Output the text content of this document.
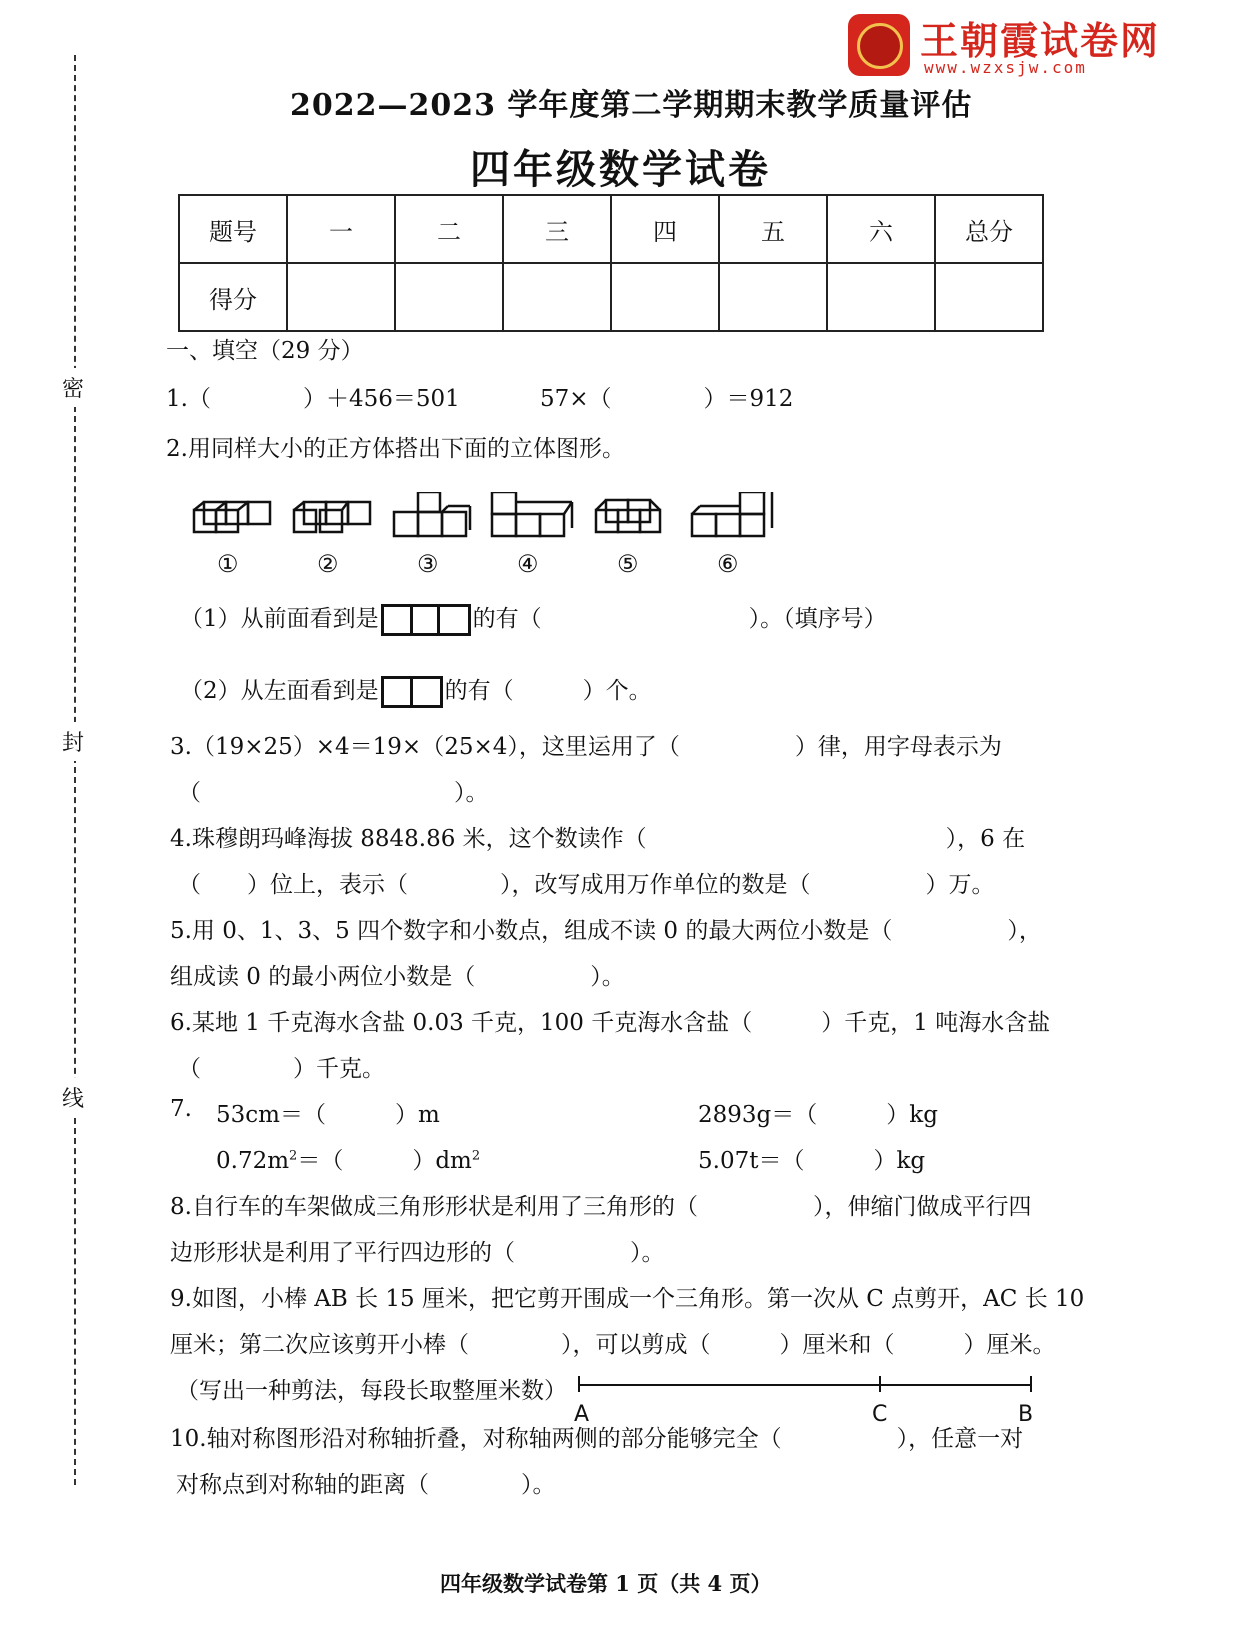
密
封
线
王朝霞试卷网
www.wzxsjw.com
2022—2023 学年度第二学期期末教学质量评估
四年级数学试卷
题号	一	二	三	四	五	六	总分
得分							
一、填空（29 分）
1.（　　　　）＋456＝501	57×（　　　　）＝912
2.用同样大小的正方体搭出下面的立体图形。
①	②	③	④	⑤	⑥
（1）从前面看到是	的有（　　　　　　　　　）。（填序号）
（2）从左面看到是	的有（　　　）个。
3.（19×25）×4＝19×（25×4），这里运用了（　　　　　）律，用字母表示为
（　　　　　　　　　　　）。
4.珠穆朗玛峰海拔 8848.86 米，这个数读作（　　　　　　　　　　　　　），6 在
（　　）位上，表示（　　　　），改写成用万作单位的数是（　　　　　）万。
5.用 0、1、3、5 四个数字和小数点，组成不读 0 的最大两位小数是（　　　　　），
组成读 0 的最小两位小数是（　　　　　）。
6.某地 1 千克海水含盐 0.03 千克，100 千克海水含盐（　　　）千克，1 吨海水含盐
（　　　　）千克。
7. 53cm＝（　　　）m	2893g＝（　　　）kg
$0.72m^2=$（　　　）$dm^2$	5.07t＝（　　　）kg
8.自行车的车架做成三角形形状是利用了三角形的（　　　　　），伸缩门做成平行四
边形形状是利用了平行四边形的（　　　　　）。
9.如图，小棒 AB 长 15 厘米，把它剪开围成一个三角形。第一次从 C 点剪开，AC 长 10
厘米；第二次应该剪开小棒（　　　　），可以剪成（　　　）厘米和（　　　）厘米。
（写出一种剪法，每段长取整厘米数）
A	C	B
10.轴对称图形沿对称轴折叠，对称轴两侧的部分能够完全（　　　　　），任意一对
对称点到对称轴的距离（　　　　）。
四年级数学试卷第 1 页（共 4 页）
